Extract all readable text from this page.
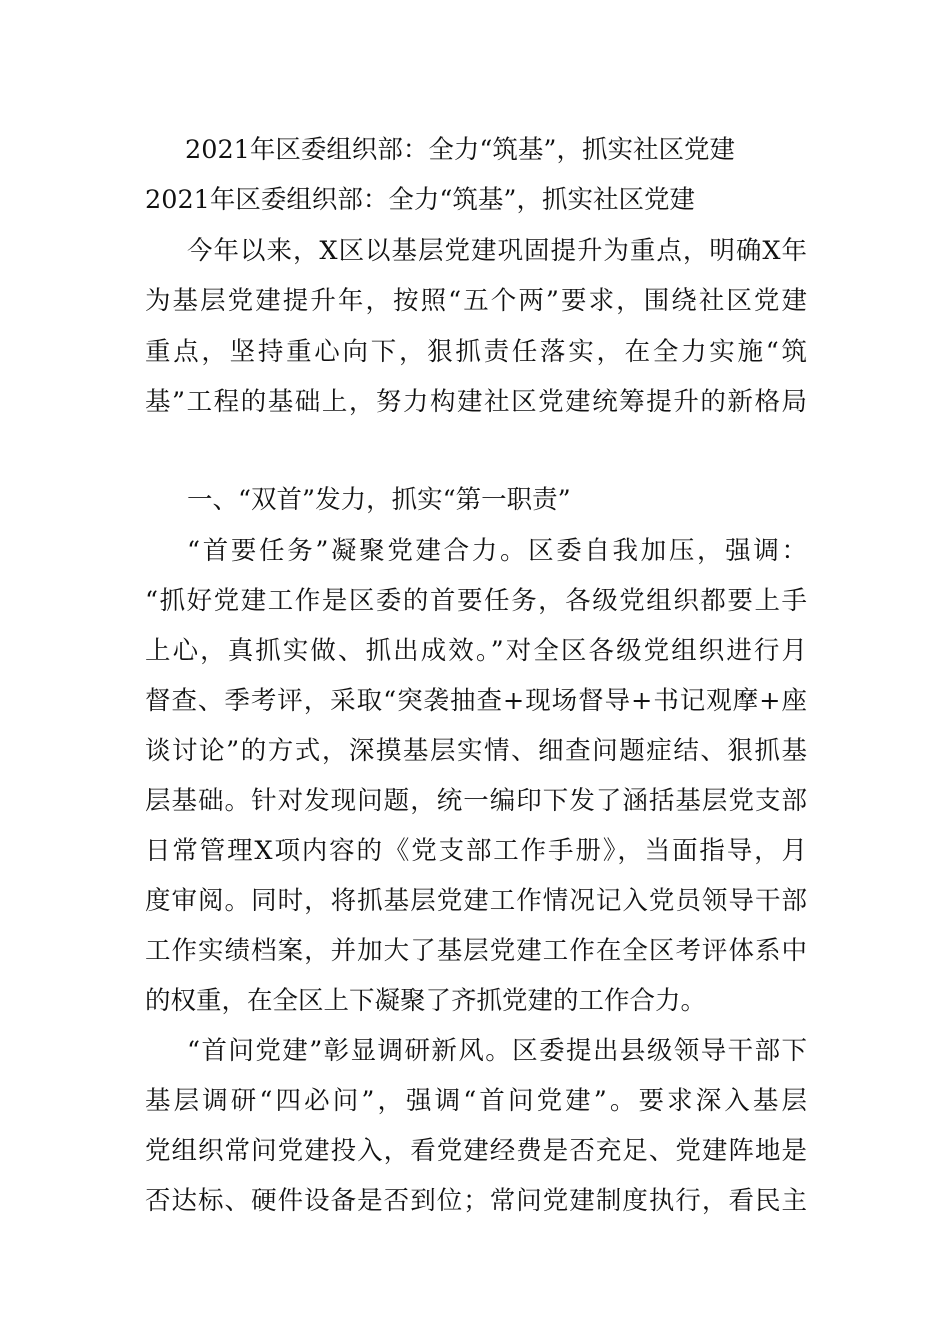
2021年区委组织部：全力“筑基”，抓实社区党建
2021年区委组织部：全力“筑基”，抓实社区党建
今年以来，X区以基层党建巩固提升为重点，明确X年
为基层党建提升年，按照“五个两”要求，围绕社区党建
重点，坚持重心向下，狠抓责任落实，在全力实施“筑
基”工程的基础上，努力构建社区党建统筹提升的新格局
一、“双首”发力，抓实“第一职责”
“首要任务”凝聚党建合力。区委自我加压，强调：
“抓好党建工作是区委的首要任务，各级党组织都要上手
上心，真抓实做、抓出成效。”对全区各级党组织进行月
督查、季考评，采取“突袭抽查+现场督导+书记观摩+座
谈讨论”的方式，深摸基层实情、细查问题症结、狠抓基
层基础。针对发现问题，统一编印下发了涵括基层党支部
日常管理X项内容的《党支部工作手册》，当面指导，月
度审阅。同时，将抓基层党建工作情况记入党员领导干部
工作实绩档案，并加大了基层党建工作在全区考评体系中
的权重，在全区上下凝聚了齐抓党建的工作合力。
“首问党建”彰显调研新风。区委提出县级领导干部下
基层调研“四必问”，强调“首问党建”。要求深入基层
党组织常问党建投入，看党建经费是否充足、党建阵地是
否达标、硬件设备是否到位；常问党建制度执行，看民主
